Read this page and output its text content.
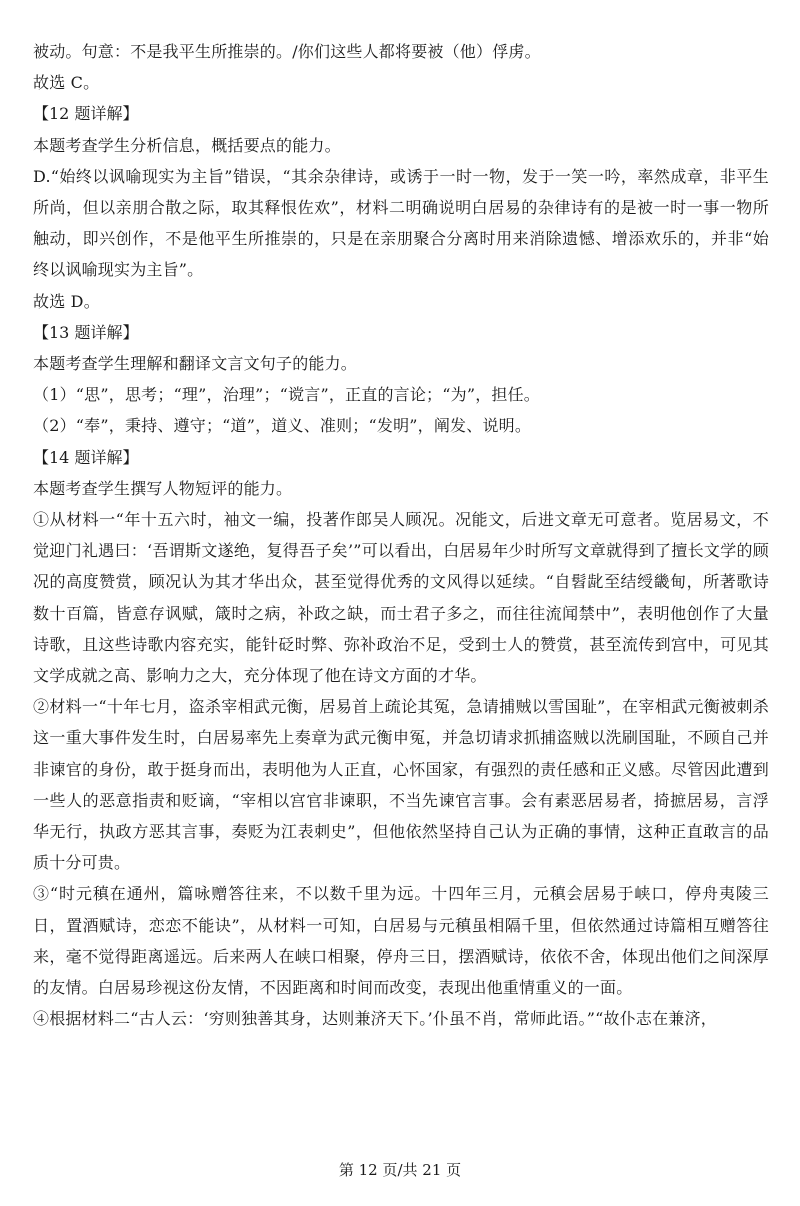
被动。句意：不是我平生所推崇的。/你们这些人都将要被（他）俘虏。

故选 C。

【12 题详解】

本题考查学生分析信息，概括要点的能力。

D.“始终以讽喻现实为主旨”错误，“其余杂律诗，或诱于一时一物，发于一笑一吟，率然成章，非平生所尚，但以亲朋合散之际，取其释恨佐欢”，材料二明确说明白居易的杂律诗有的是被一时一事一物所触动，即兴创作，不是他平生所推崇的，只是在亲朋聚合分离时用来消除遗憾、增添欢乐的，并非“始终以讽喻现实为主旨”。

故选 D。

【13 题详解】

本题考查学生理解和翻译文言文句子的能力。

（1）“思”，思考；“理”，治理”；“谠言”，正直的言论；“为”，担任。

（2）“奉”，秉持、遵守；“道”，道义、准则；“发明”，阐发、说明。

【14 题详解】

本题考查学生撰写人物短评的能力。

①从材料一“年十五六时，袖文一编，投著作郎吴人顾况。况能文，后进文章无可意者。览居易文，不觉迎门礼遇曰：‘吾谓斯文遂绝，复得吾子矣’”可以看出，白居易年少时所写文章就得到了擅长文学的顾况的高度赞赏，顾况认为其才华出众，甚至觉得优秀的文风得以延续。“自髫龀至结绶畿甸，所著歌诗数十百篇，皆意存讽赋，箴时之病，补政之缺，而士君子多之，而往往流闻禁中”，表明他创作了大量诗歌，且这些诗歌内容充实，能针砭时弊、弥补政治不足，受到士人的赞赏，甚至流传到宫中，可见其文学成就之高、影响力之大，充分体现了他在诗文方面的才华。

②材料一“十年七月，盗杀宰相武元衡，居易首上疏论其冤，急请捕贼以雪国耻”，在宰相武元衡被刺杀这一重大事件发生时，白居易率先上奏章为武元衡申冤，并急切请求抓捕盗贼以洗刷国耻，不顾自己并非谏官的身份，敢于挺身而出，表明他为人正直，心怀国家，有强烈的责任感和正义感。尽管因此遭到一些人的恶意指责和贬谪，“宰相以宫官非谏职，不当先谏官言事。会有素恶居易者，掎摭居易，言浮华无行，执政方恶其言事，奏贬为江表刺史”，但他依然坚持自己认为正确的事情，这种正直敢言的品质十分可贵。

③“时元稹在通州，篇咏赠答往来，不以数千里为远。十四年三月，元稹会居易于峡口，停舟夷陵三日，置酒赋诗，恋恋不能诀”，从材料一可知，白居易与元稹虽相隔千里，但依然通过诗篇相互赠答往来，毫不觉得距离遥远。后来两人在峡口相聚，停舟三日，摆酒赋诗，依依不舍，体现出他们之间深厚的友情。白居易珍视这份友情，不因距离和时间而改变，表现出他重情重义的一面。

④根据材料二“古人云：‘穷则独善其身，达则兼济天下。’仆虽不肖，常师此语。”“故仆志在兼济，

第 12 页/共 21 页
